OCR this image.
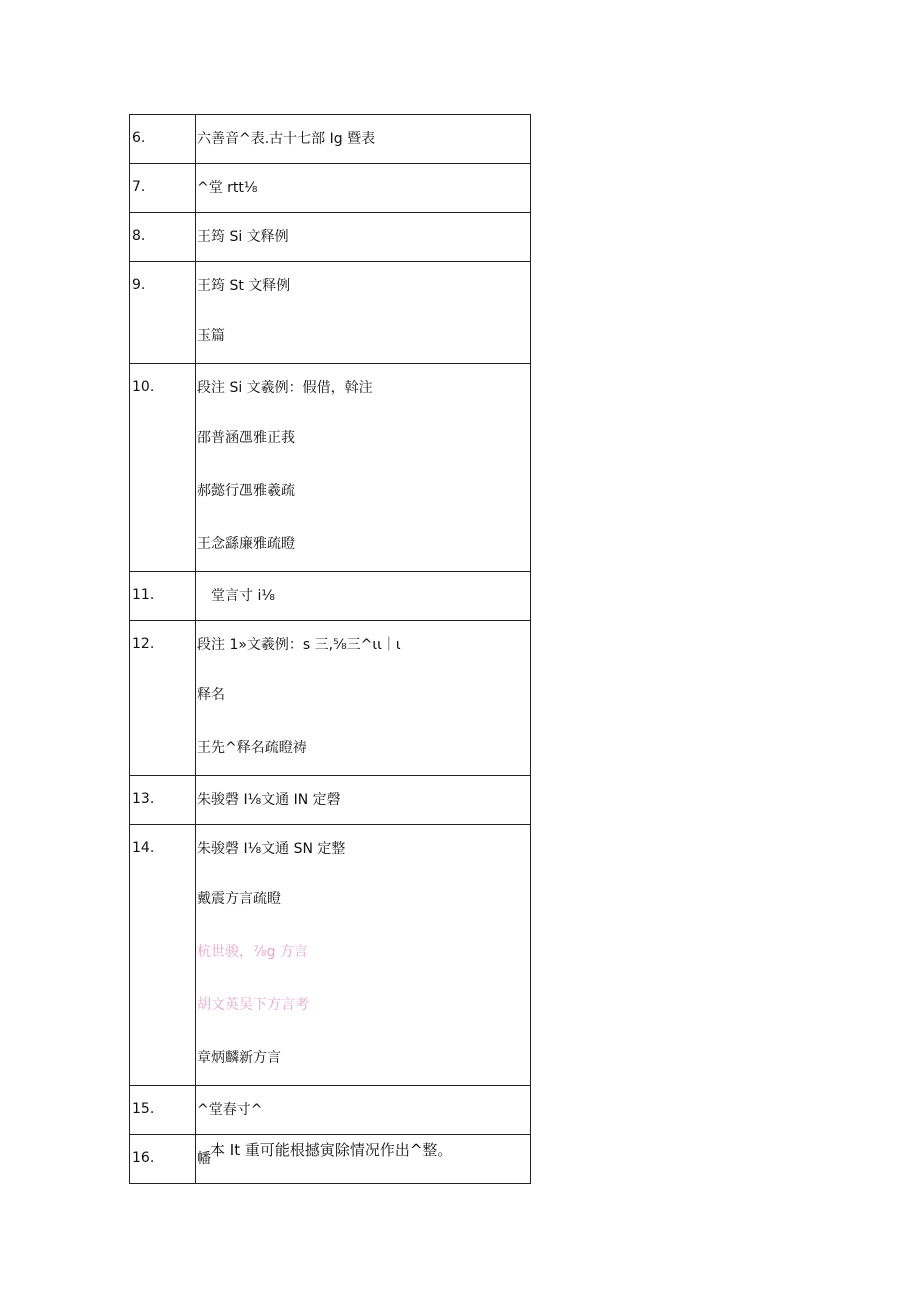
6.	六善音^表.古十七部 Ig 暨表

7.	^堂 rtt⅛

8.	王筠 Si 文释例

9.	王筠 St 文释例
玉篇

10.	段注 Si 文羲例：假借，斡注
邵普涵乪雅正莪
郝懿行乪雅羲疏
王念繇廉雅疏瞪

11.	　堂言寸 i⅛

12.	段注 1»文羲例：s 三,⅝三^ιι｜ι
释名
王先^释名疏瞪祷

13.	朱骏磬 I⅛文通 IN 定磬

14.	朱骏磬 I⅛文通 SN 定整
戴震方言疏瞪
杭世骏，⅞g 方言
胡文英吴下方言考
章炳麟新方言

15.	^堂春寸^

16.	幡 本 It 重可能根撼寅除情况作出^整。
